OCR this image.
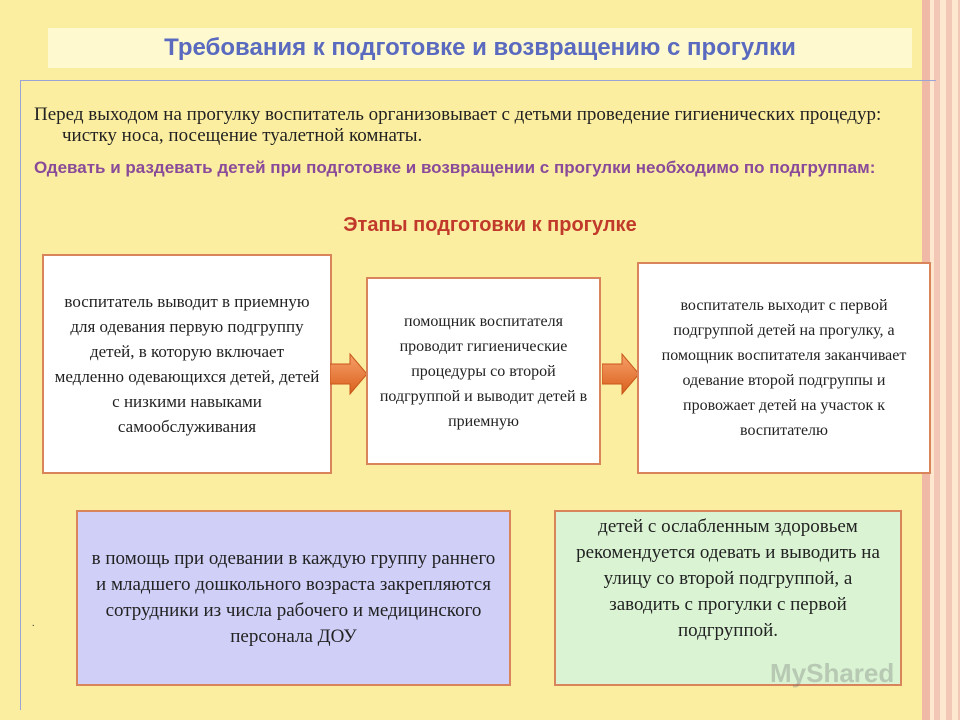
Требования к подготовке и возвращению с прогулки
Перед выходом на прогулку воспитатель организовывает с детьми проведение гигиенических процедур: чистку носа, посещение туалетной комнаты.
Одевать и раздевать детей при подготовке и возвращении с прогулки необходимо по подгруппам:
Этапы подготовки к прогулке
воспитатель выводит в приемную для одевания первую подгруппу детей, в которую включает медленно одевающихся детей, детей с низкими навыками самообслуживания
помощник воспитателя проводит гигиенические процедуры со второй подгруппой и выводит детей в приемную
воспитатель выходит с первой подгруппой детей на прогулку, а помощник воспитателя заканчивает одевание второй подгруппы и провожает детей на участок к воспитателю
в помощь при одевании в каждую группу раннего и младшего дошкольного возраста закрепляются сотрудники из числа рабочего и медицинского персонала ДОУ
детей с ослабленным здоровьем рекомендуется одевать и выводить на улицу со второй подгруппой, а заводить с прогулки с первой подгруппой.
.
MyShared
